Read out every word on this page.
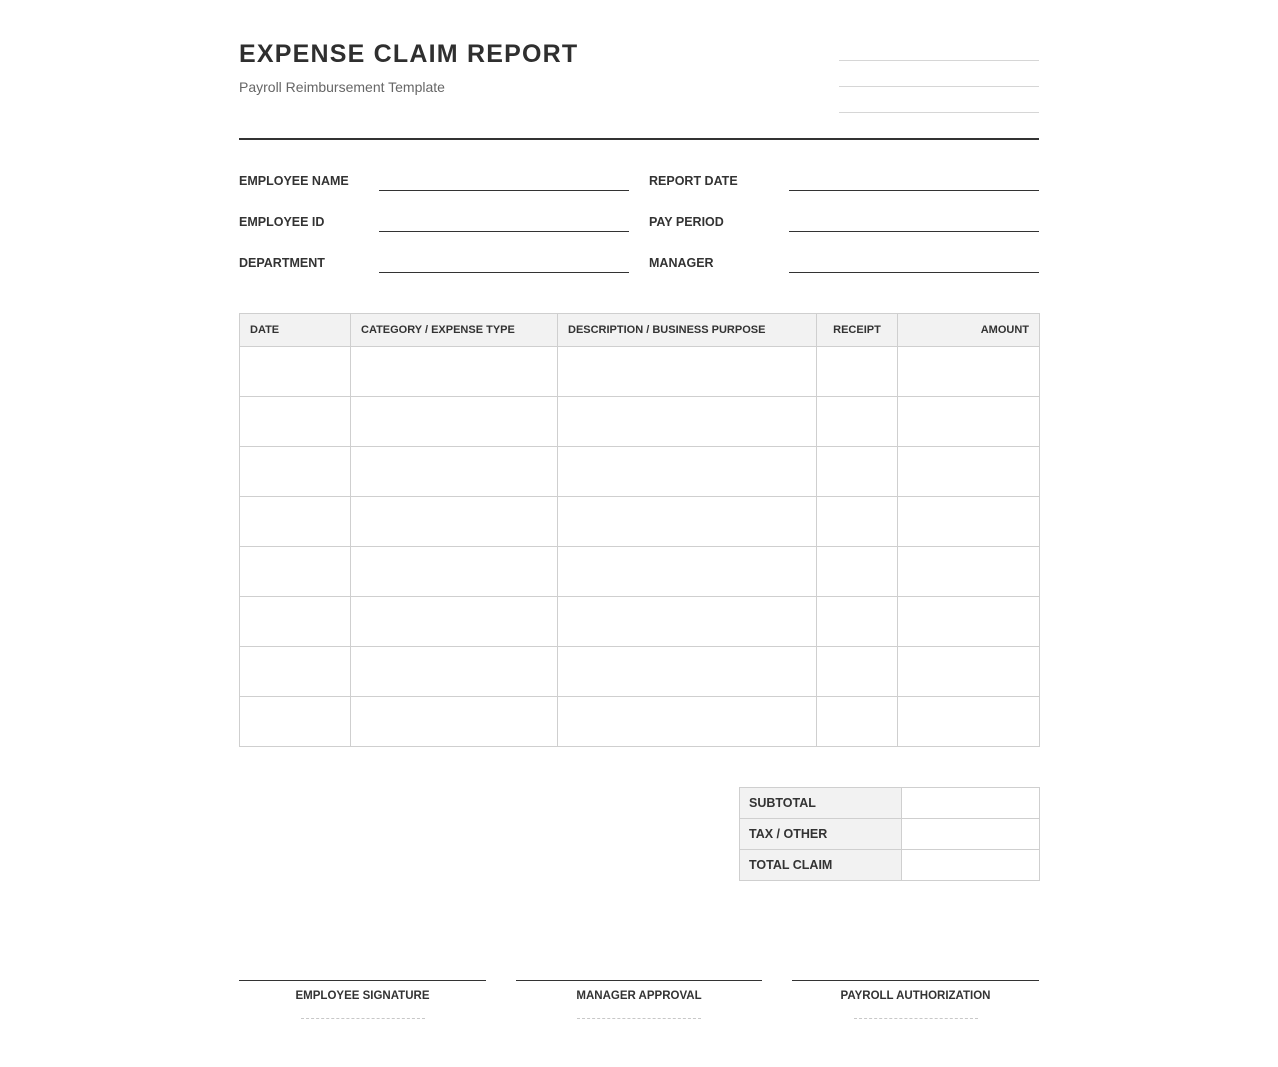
EXPENSE CLAIM REPORT
Payroll Reimbursement Template
EMPLOYEE NAME
EMPLOYEE ID
DEPARTMENT
REPORT DATE
PAY PERIOD
MANAGER
DATE	CATEGORY / EXPENSE TYPE	DESCRIPTION / BUSINESS PURPOSE	RECEIPT	AMOUNT

SUBTOTAL	
TAX / OTHER	
TOTAL CLAIM	
EMPLOYEE SIGNATURE	MANAGER APPROVAL	PAYROLL AUTHORIZATION
